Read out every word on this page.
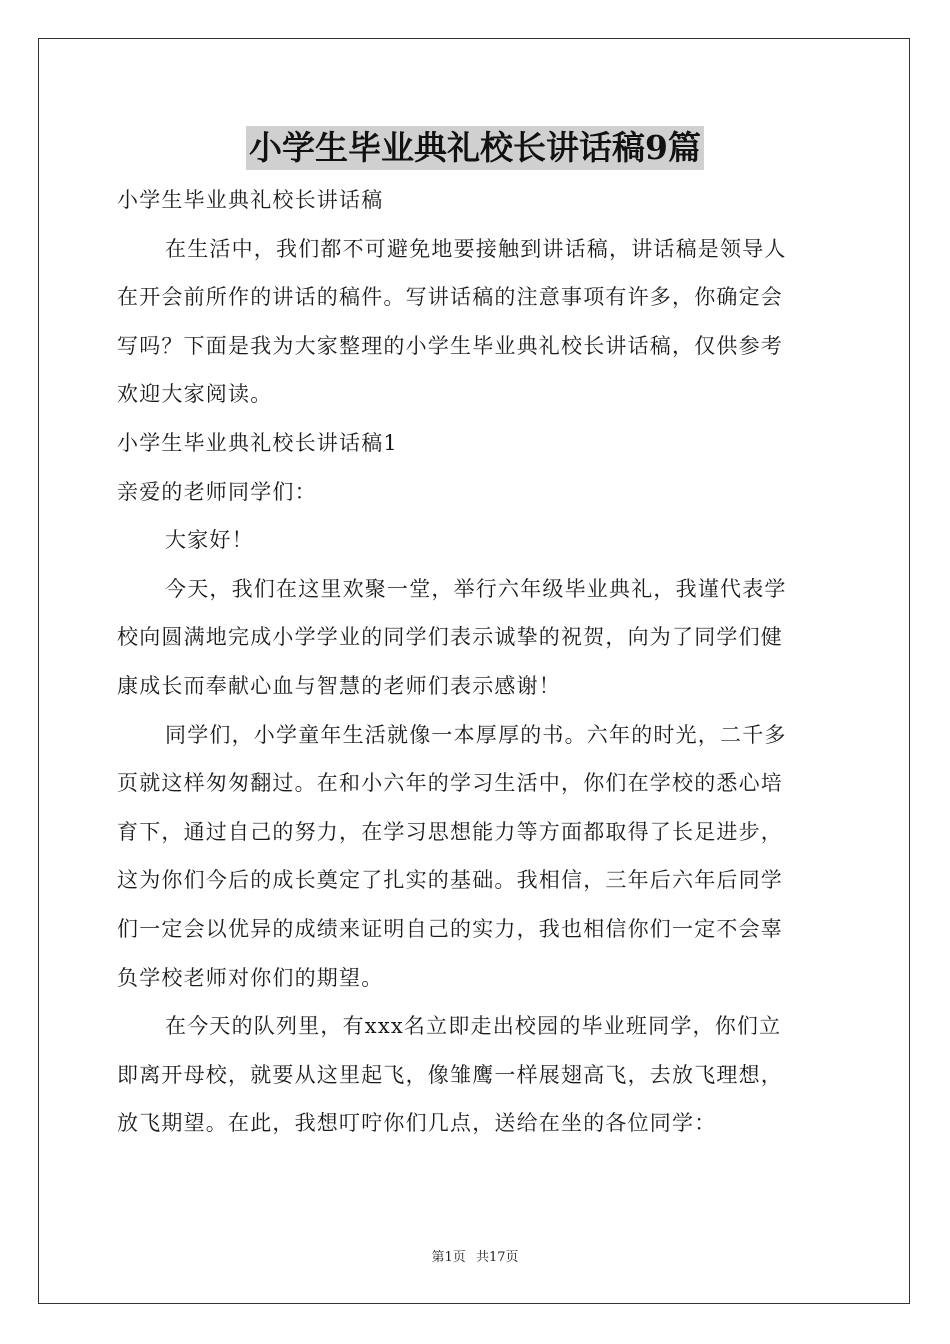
小学生毕业典礼校长讲话稿9篇
小学生毕业典礼校长讲话稿
在生活中，我们都不可避免地要接触到讲话稿，讲话稿是领导人
在开会前所作的讲话的稿件。写讲话稿的注意事项有许多，你确定会
写吗？下面是我为大家整理的小学生毕业典礼校长讲话稿，仅供参考
欢迎大家阅读。
小学生毕业典礼校长讲话稿1
亲爱的老师同学们：
大家好！
今天，我们在这里欢聚一堂，举行六年级毕业典礼，我谨代表学
校向圆满地完成小学学业的同学们表示诚挚的祝贺，向为了同学们健
康成长而奉献心血与智慧的老师们表示感谢！
同学们，小学童年生活就像一本厚厚的书。六年的时光，二千多
页就这样匆匆翻过。在和小六年的学习生活中，你们在学校的悉心培
育下，通过自己的努力，在学习思想能力等方面都取得了长足进步，
这为你们今后的成长奠定了扎实的基础。我相信，三年后六年后同学
们一定会以优异的成绩来证明自己的实力，我也相信你们一定不会辜
负学校老师对你们的期望。
在今天的队列里，有xxx名立即走出校园的毕业班同学，你们立
即离开母校，就要从这里起飞，像雏鹰一样展翅高飞，去放飞理想，
放飞期望。在此，我想叮咛你们几点，送给在坐的各位同学：
第1页 共17页
